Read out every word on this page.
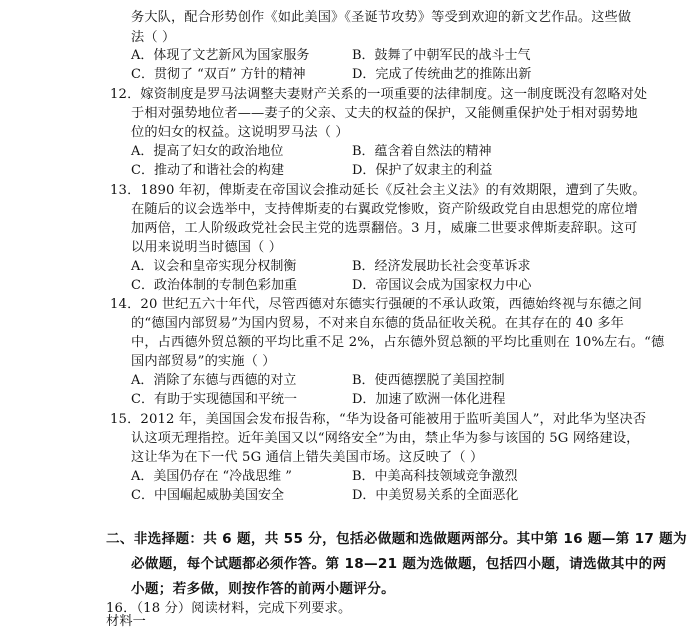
务大队，配合形势创作《如此美国》《圣诞节攻势》等受到欢迎的新文艺作品。这些做
法（ ）
A．体现了文艺新风为国家服务	B．鼓舞了中朝军民的战斗士气
C．贯彻了 “双百” 方针的精神	D．完成了传统曲艺的推陈出新
12．嫁资制度是罗马法调整夫妻财产关系的一项重要的法律制度。这一制度既没有忽略对处
于相对强势地位者——妻子的父亲、丈夫的权益的保护，又能侧重保护处于相对弱势地
位的妇女的权益。这说明罗马法（ ）
A．提高了妇女的政治地位	B．蕴含着自然法的精神
C．推动了和谐社会的构建	D．保护了奴隶主的利益
13．1890 年初，俾斯麦在帝国议会推动延长《反社会主义法》的有效期限，遭到了失败。
在随后的议会选举中，支持俾斯麦的右翼政党惨败，资产阶级政党自由思想党的席位增
加两倍，工人阶级政党社会民主党的选票翻倍。3 月，威廉二世要求俾斯麦辞职。这可
以用来说明当时德国（ ）
A．议会和皇帝实现分权制衡	B．经济发展助长社会变革诉求
C．政治体制的专制色彩加重	D．帝国议会成为国家权力中心
14．20 世纪五六十年代，尽管西德对东德实行强硬的不承认政策，西德始终视与东德之间
的“德国内部贸易”为国内贸易，不对来自东德的货品征收关税。在其存在的 40 多年
中，占西德外贸总额的平均比重不足 2%，占东德外贸总额的平均比重则在 10%左右。“德
国内部贸易”的实施（ ）
A．消除了东德与西德的对立	B．使西德摆脱了美国控制
C．有助于实现德国和平统一	D．加速了欧洲一体化进程
15．2012 年，美国国会发布报告称，“华为设备可能被用于监听美国人”，对此华为坚决否
认这项无理指控。近年美国又以“网络安全”为由，禁止华为参与该国的 5G 网络建设，
这让华为在下一代 5G 通信上错失美国市场。这反映了（ ）
A．美国仍存在 “冷战思维 ”	B．中美高科技领域竞争激烈
C．中国崛起威胁美国安全	D．中美贸易关系的全面恶化
二、非选择题：共 6 题，共 55 分，包括必做题和选做题两部分。其中第 16 题—第 17 题为
必做题，每个试题都必须作答。第 18—21 题为选做题，包括四小题，请选做其中的两
小题；若多做，则按作答的前两小题评分。
16．（18 分）阅读材料，完成下列要求。
材料一
